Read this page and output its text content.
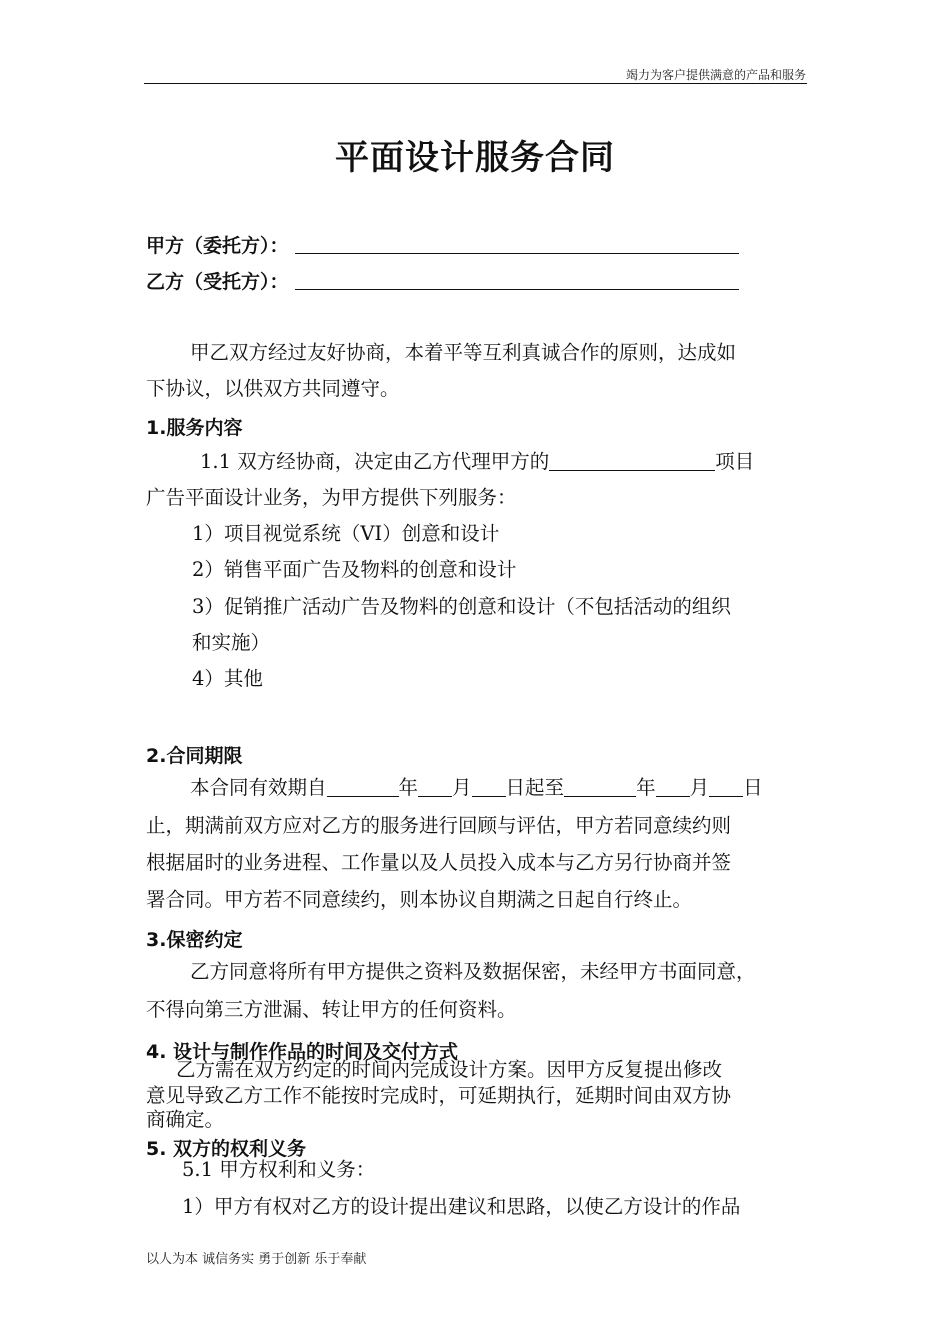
竭力为客户提供满意的产品和服务
平面设计服务合同
甲方（委托方）：
乙方（受托方）：
甲乙双方经过友好协商，本着平等互利真诚合作的原则，达成如
下协议，以供双方共同遵守。
1.服务内容
1.1 双方经协商，决定由乙方代理甲方的	项目
广告平面设计业务，为甲方提供下列服务：
1）项目视觉系统（VI）创意和设计
2）销售平面广告及物料的创意和设计
3）促销推广活动广告及物料的创意和设计（不包括活动的组织
和实施）
4）其他
2.合同期限
本合同有效期自	年 月 日起至	年 月 日
止，期满前双方应对乙方的服务进行回顾与评估，甲方若同意续约则
根据届时的业务进程、工作量以及人员投入成本与乙方另行协商并签
署合同。甲方若不同意续约，则本协议自期满之日起自行终止。
3.保密约定
乙方同意将所有甲方提供之资料及数据保密，未经甲方书面同意，
不得向第三方泄漏、转让甲方的任何资料。
4. 设计与制作作品的时间及交付方式
乙方需在双方约定的时间内完成设计方案。因甲方反复提出修改
意见导致乙方工作不能按时完成时，可延期执行，延期时间由双方协
商确定。
5. 双方的权利义务
5.1 甲方权利和义务：
1）甲方有权对乙方的设计提出建议和思路，以使乙方设计的作品
以人为本 诚信务实 勇于创新 乐于奉献
